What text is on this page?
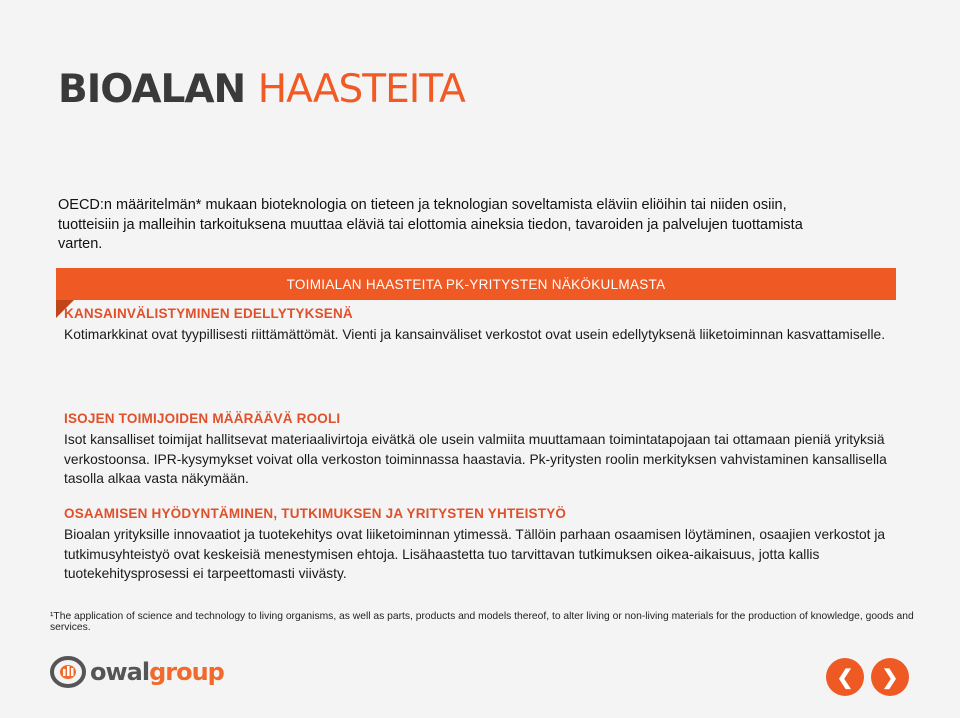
BIOALAN HAASTEITA

OECD:n määritelmän* mukaan bioteknologia on tieteen ja teknologian soveltamista eläviin eliöihin tai niiden osiin, tuotteisiin ja malleihin tarkoituksena muuttaa eläviä tai elottomia aineksia tiedon, tavaroiden ja palvelujen tuottamista varten.

TOIMIALAN HAASTEITA PK-YRITYSTEN NÄKÖKULMASTA
KANSAINVÄLISTYMINEN EDELLYTYKSENÄ

Kotimarkkinat ovat tyypillisesti riittämättömät. Vienti ja kansainväliset verkostot ovat usein edellytyksenä liiketoiminnan kasvattamiselle.

ISOJEN TOIMIJOIDEN MÄÄRÄÄVÄ ROOLI

Isot kansalliset toimijat hallitsevat materiaalivirtoja eivätkä ole usein valmiita muuttamaan toimintatapojaan tai ottamaan pieniä yrityksiä verkostoonsa. IPR-kysymykset voivat olla verkoston toiminnassa haastavia. Pk-yritysten roolin merkityksen vahvistaminen kansallisella tasolla alkaa vasta näkymään.

OSAAMISEN HYÖDYNTÄMINEN, TUTKIMUKSEN JA YRITYSTEN YHTEISTYÖ

Bioalan yrityksille innovaatiot ja tuotekehitys ovat liiketoiminnan ytimessä. Tällöin parhaan osaamisen löytäminen, osaajien verkostot ja tutkimusyhteistyö ovat keskeisiä menestymisen ehtoja. Lisähaastetta tuo tarvittavan tutkimuksen oikea-aikaisuus, jotta kallis tuotekehitysprosessi ei tarpeettomasti viivästy.

¹The application of science and technology to living organisms, as well as parts, products and models thereof, to alter living or non-living materials for the production of knowledge, goods and services.

owalgroup	❮ ❯
